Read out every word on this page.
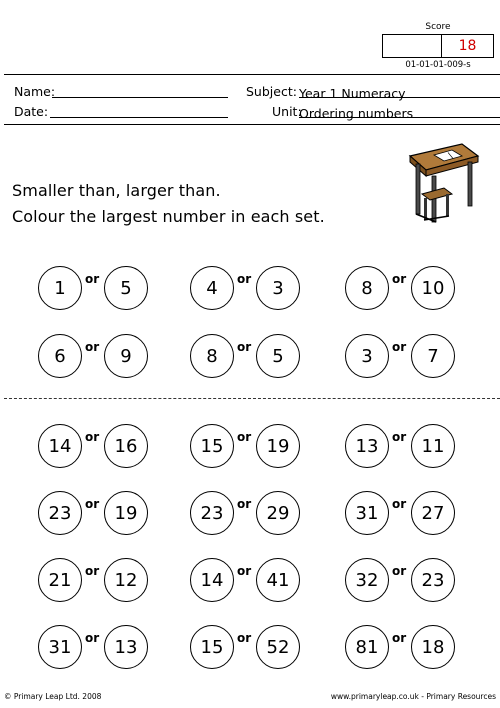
Score
18
01-01-01-009-s
Name:
Date:
Subject: Year 1 Numeracy
Unit:
Ordering numbers
Smaller than, larger than.
Colour the largest number in each set.
1	or	5	4	or	3	8	or 10
6	or	9	8	or	5	3	or	7
14	or 16	15	or 19	13	or 11
23	or 19	23	or 29	31	or 27
21	or 12	14	or 41	32	or 23
31	or 13	15	or 52	81	or 18
© Primary Leap Ltd. 2008	www.primaryleap.co.uk - Primary Resources
